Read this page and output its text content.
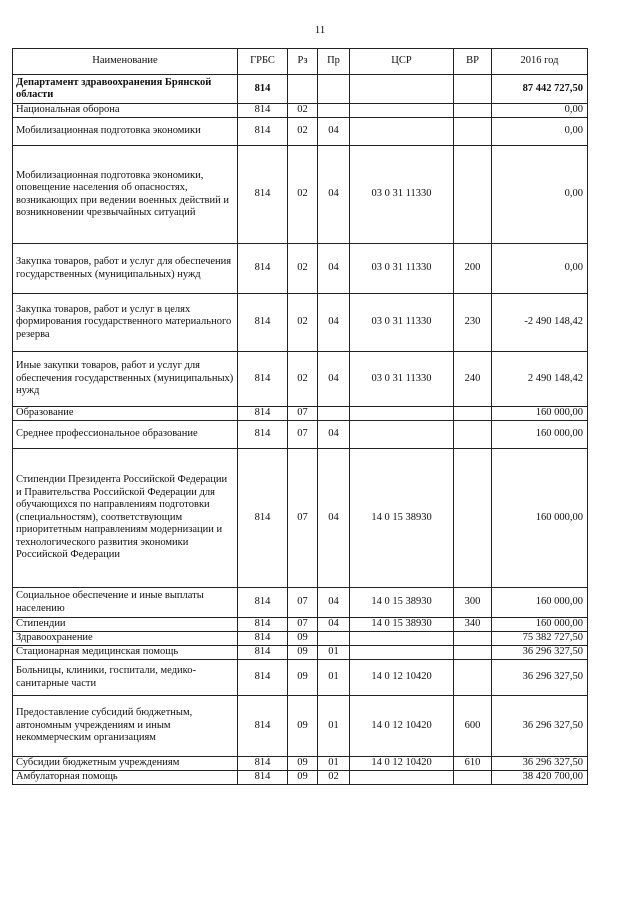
11
Наименование	ГРБС	Рз	Пр	ЦСР	ВР	2016 год
Департамент здравоохранения Брянской области	814					87 442 727,50
Национальная оборона	814	02				0,00
Мобилизационная подготовка экономики	814	02	04			0,00
Мобилизационная подготовка экономики, оповещение населения об опасностях, возникающих при ведении военных действий и возникновении чрезвычайных ситуаций	814	02	04	03 0 31 11330		0,00
Закупка товаров, работ и услуг для обеспечения государственных (муниципальных) нужд	814	02	04	03 0 31 11330	200	0,00
Закупка товаров, работ и услуг в целях формирования государственного материального резерва	814	02	04	03 0 31 11330	230	-2 490 148,42
Иные закупки товаров, работ и услуг для обеспечения государственных (муниципальных) нужд	814	02	04	03 0 31 11330	240	2 490 148,42
Образование	814	07				160 000,00
Среднее профессиональное образование	814	07	04			160 000,00
Стипендии Президента Российской Федерации и Правительства Российской Федерации для обучающихся по направлениям подготовки (специальностям), соответствующим приоритетным направлениям модернизации и технологического развития экономики Российской Федерации	814	07	04	14 0 15 38930		160 000,00
Социальное обеспечение и иные выплаты населению	814	07	04	14 0 15 38930	300	160 000,00
Стипендии	814	07	04	14 0 15 38930	340	160 000,00
Здравоохранение	814	09				75 382 727,50
Стационарная медицинская помощь	814	09	01			36 296 327,50
Больницы, клиники, госпитали, медико-санитарные части	814	09	01	14 0 12 10420		36 296 327,50
Предоставление субсидий бюджетным, автономным учреждениям и иным некоммерческим организациям	814	09	01	14 0 12 10420	600	36 296 327,50
Субсидии бюджетным учреждениям	814	09	01	14 0 12 10420	610	36 296 327,50
Амбулаторная помощь	814	09	02			38 420 700,00
